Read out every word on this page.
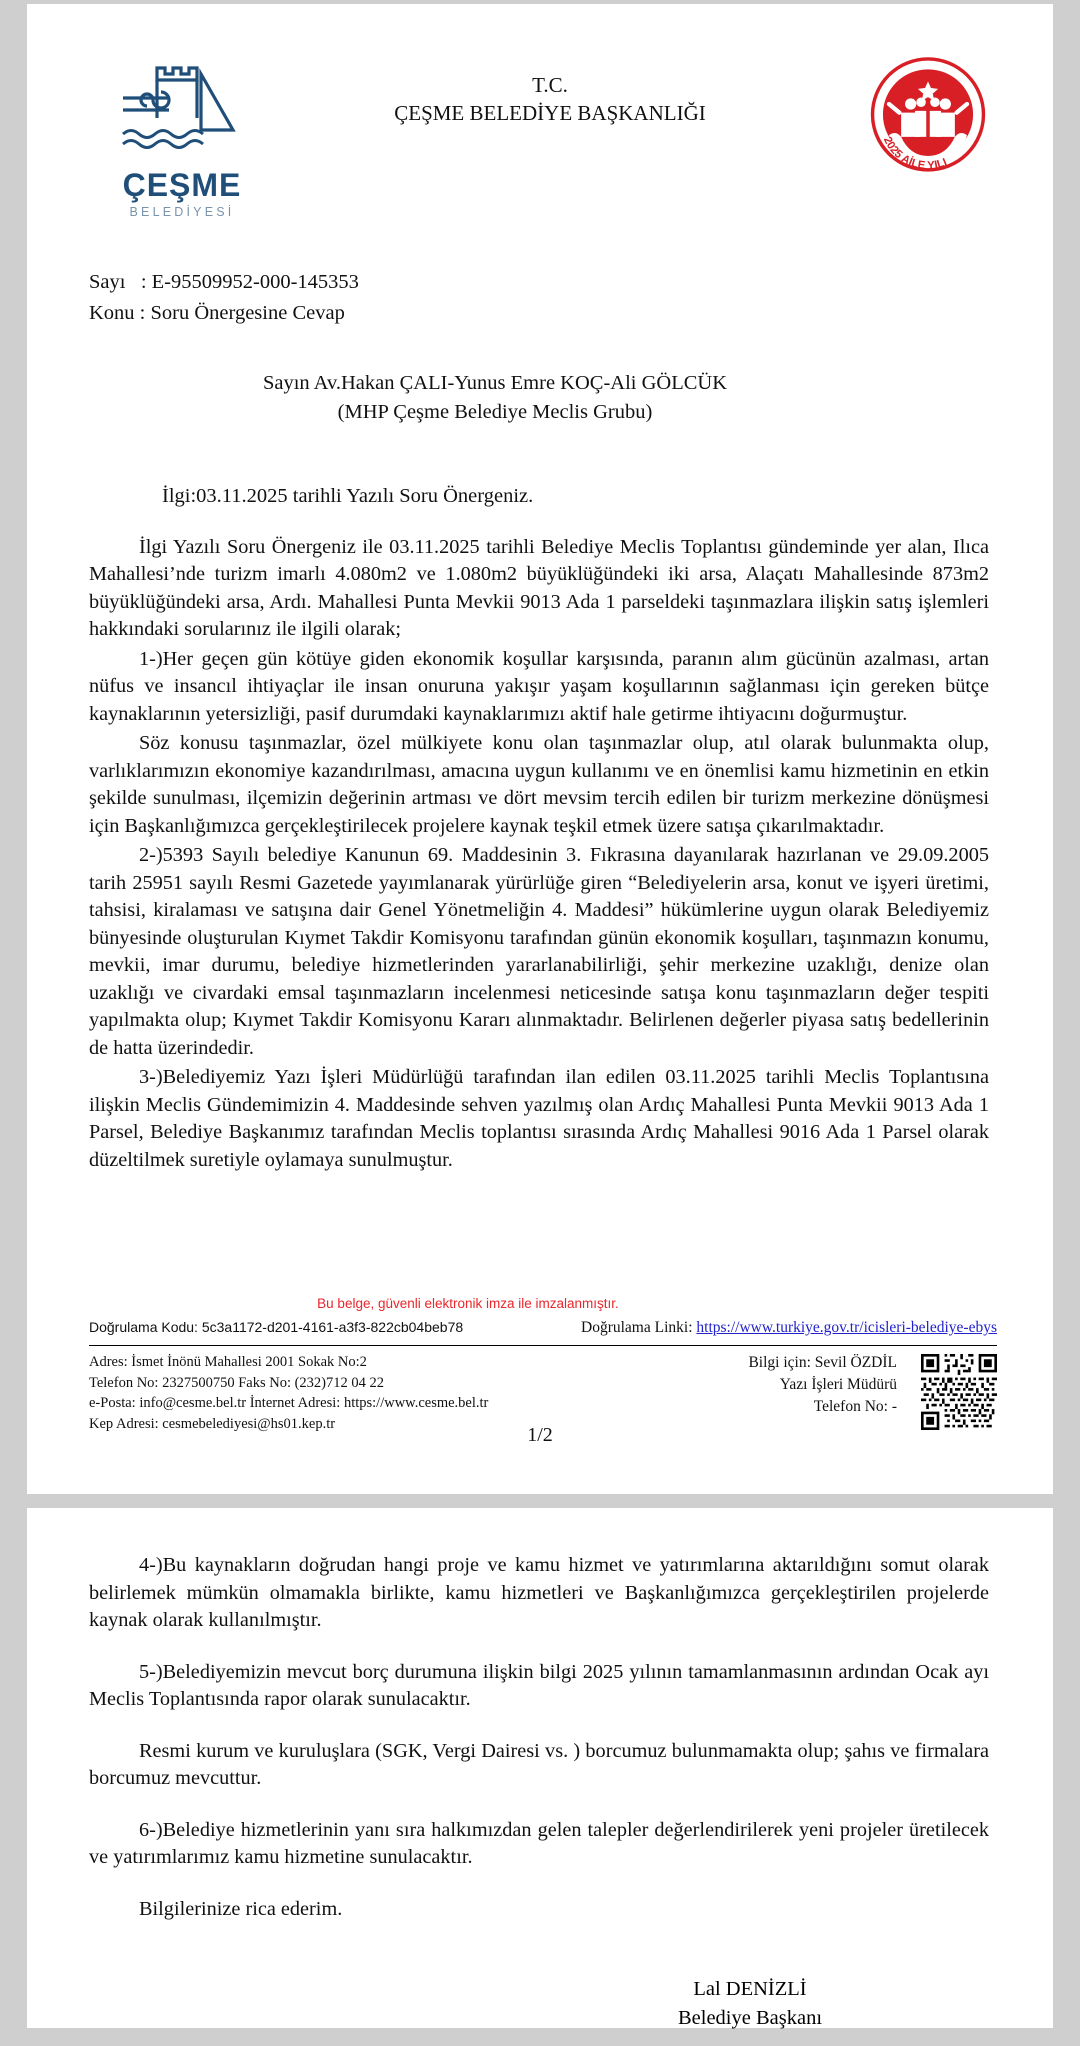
ÇEŞME
BELEDİYESİ
T.C.
ÇEŞME BELEDİYE BAŞKANLIĞI
2025 AİLE YILI
Sayı   : E-95509952-000-145353
Konu : Soru Önergesine Cevap
Sayın Av.Hakan ÇALI-Yunus Emre KOÇ-Ali GÖLCÜK
(MHP Çeşme Belediye Meclis Grubu)
İlgi:03.11.2025 tarihli Yazılı Soru Önergeniz.

İlgi Yazılı Soru Önergeniz ile 03.11.2025 tarihli Belediye Meclis Toplantısı gündeminde yer alan, Ilıca Mahallesi’nde turizm imarlı 4.080m2 ve 1.080m2 büyüklüğündeki iki arsa, Alaçatı Mahallesinde 873m2 büyüklüğündeki arsa, Ardı. Mahallesi Punta Mevkii 9013 Ada 1 parseldeki taşınmazlara ilişkin satış işlemleri hakkındaki sorularınız ile ilgili olarak;

1-)Her geçen gün kötüye giden ekonomik koşullar karşısında, paranın alım gücünün azalması, artan nüfus ve insancıl ihtiyaçlar ile insan onuruna yakışır yaşam koşullarının sağlanması için gereken bütçe kaynaklarının yetersizliği, pasif durumdaki kaynaklarımızı aktif hale getirme ihtiyacını doğurmuştur.

Söz konusu taşınmazlar, özel mülkiyete konu olan taşınmazlar olup, atıl olarak bulunmakta olup, varlıklarımızın ekonomiye kazandırılması, amacına uygun kullanımı ve en önemlisi kamu hizmetinin en etkin şekilde sunulması, ilçemizin değerinin artması ve dört mevsim tercih edilen bir turizm merkezine dönüşmesi için Başkanlığımızca gerçekleştirilecek projelere kaynak teşkil etmek üzere satışa çıkarılmaktadır.

2-)5393 Sayılı belediye Kanunun 69. Maddesinin 3. Fıkrasına dayanılarak hazırlanan ve 29.09.2005 tarih 25951 sayılı Resmi Gazetede yayımlanarak yürürlüğe giren “Belediyelerin arsa, konut ve işyeri üretimi, tahsisi, kiralaması ve satışına dair Genel Yönetmeliğin 4. Maddesi” hükümlerine uygun olarak Belediyemiz bünyesinde oluşturulan Kıymet Takdir Komisyonu tarafından günün ekonomik koşulları, taşınmazın konumu, mevkii, imar durumu, belediye hizmetlerinden yararlanabilirliği, şehir merkezine uzaklığı, denize olan uzaklığı ve civardaki emsal taşınmazların incelenmesi neticesinde satışa konu taşınmazların değer tespiti yapılmakta olup; Kıymet Takdir Komisyonu Kararı alınmaktadır. Belirlenen değerler piyasa satış bedellerinin de hatta üzerindedir.

3-)Belediyemiz Yazı İşleri Müdürlüğü tarafından ilan edilen 03.11.2025 tarihli Meclis Toplantısına ilişkin Meclis Gündemimizin 4. Maddesinde sehven yazılmış olan Ardıç Mahallesi Punta Mevkii 9013 Ada 1 Parsel, Belediye Başkanımız tarafından Meclis toplantısı sırasında Ardıç Mahallesi 9016 Ada 1 Parsel olarak düzeltilmek suretiyle oylamaya sunulmuştur.

Bu belge, güvenli elektronik imza ile imzalanmıştır.
Doğrulama Kodu: 5c3a1172-d201-4161-a3f3-822cb04beb78	Doğrulama Linki: https://www.turkiye.gov.tr/icisleri-belediye-ebys
Adres: İsmet İnönü Mahallesi 2001 Sokak No:2
Telefon No: 2327500750 Faks No: (232)712 04 22
e-Posta: info@cesme.bel.tr İnternet Adresi: https://www.cesme.bel.tr
Kep Adresi: cesmebelediyesi@hs01.kep.tr
Bilgi için: Sevil ÖZDİL
Yazı İşleri Müdürü
Telefon No: -
1/2

4-)Bu kaynakların doğrudan hangi proje ve kamu hizmet ve yatırımlarına aktarıldığını somut olarak belirlemek mümkün olmamakla birlikte, kamu hizmetleri ve Başkanlığımızca gerçekleştirilen projelerde kaynak olarak kullanılmıştır.

5-)Belediyemizin mevcut borç durumuna ilişkin bilgi 2025 yılının tamamlanmasının ardından Ocak ayı Meclis Toplantısında rapor olarak sunulacaktır.

Resmi kurum ve kuruluşlara (SGK, Vergi Dairesi vs. ) borcumuz bulunmamakta olup; şahıs ve firmalara borcumuz mevcuttur.

6-)Belediye hizmetlerinin yanı sıra halkımızdan gelen talepler değerlendirilerek yeni projeler üretilecek ve yatırımlarımız kamu hizmetine sunulacaktır.

Bilgilerinize rica ederim.

Lal DENİZLİ
Belediye Başkanı
